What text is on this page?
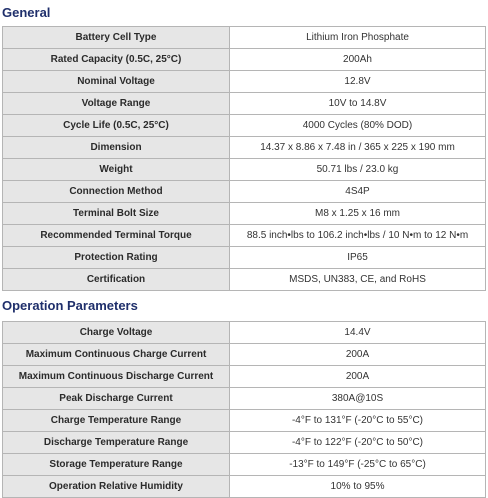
General
Battery Cell Type	Lithium Iron Phosphate
Rated Capacity (0.5C, 25°C)	200Ah
Nominal Voltage	12.8V
Voltage Range	10V to 14.8V
Cycle Life (0.5C, 25°C)	4000 Cycles (80% DOD)
Dimension	14.37 x 8.86 x 7.48 in / 365 x 225 x 190 mm
Weight	50.71 lbs / 23.0 kg
Connection Method	4S4P
Terminal Bolt Size	M8 x 1.25 x 16 mm
Recommended Terminal Torque	88.5 inch•lbs to 106.2 inch•lbs / 10 N•m to 12 N•m
Protection Rating	IP65
Certification	MSDS, UN383, CE, and RoHS
Operation Parameters
Charge Voltage	14.4V
Maximum Continuous Charge Current	200A
Maximum Continuous Discharge Current	200A
Peak Discharge Current	380A@10S
Charge Temperature Range	-4°F to 131°F (-20°C to 55°C)
Discharge Temperature Range	-4°F to 122°F (-20°C to 50°C)
Storage Temperature Range	-13°F to 149°F (-25°C to 65°C)
Operation Relative Humidity	10% to 95%
